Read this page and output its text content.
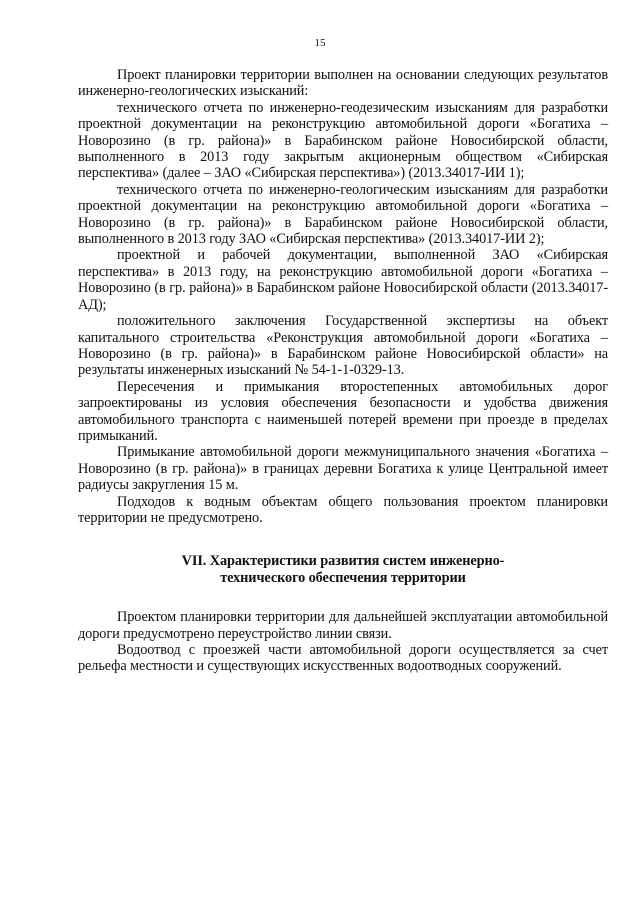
15

Проект планировки территории выполнен на основании следующих результатов инженерно-геологических изысканий:

технического отчета по инженерно-геодезическим изысканиям для разработки проектной документации на реконструкцию автомобильной дороги «Богатиха – Новорозино (в гр. района)» в Барабинском районе Новосибирской области, выполненного в 2013 году закрытым акционерным обществом «Сибирская перспектива» (далее – ЗАО «Сибирская перспектива») (2013.34017-ИИ 1);

технического отчета по инженерно-геологическим изысканиям для разработки проектной документации на реконструкцию автомобильной дороги «Богатиха – Новорозино (в гр. района)» в Барабинском районе Новосибирской области, выполненного в 2013 году ЗАО «Сибирская перспектива» (2013.34017-ИИ 2);

проектной и рабочей документации, выполненной ЗАО «Сибирская перспектива» в 2013 году, на реконструкцию автомобильной дороги «Богатиха – Новорозино (в гр. района)» в Барабинском районе Новосибирской области (2013.34017-АД);

положительного заключения Государственной экспертизы на объект капитального строительства «Реконструкция автомобильной дороги «Богатиха – Новорозино (в гр. района)» в Барабинском районе Новосибирской области» на результаты инженерных изысканий № 54-1-1-0329-13.

Пересечения и примыкания второстепенных автомобильных дорог запроектированы из условия обеспечения безопасности и удобства движения автомобильного транспорта с наименьшей потерей времени при проезде в пределах примыканий.

Примыкание автомобильной дороги межмуниципального значения «Богатиха – Новорозино (в гр. района)» в границах деревни Богатиха к улице Центральной имеет радиусы закругления 15 м.

Подходов к водным объектам общего пользования проектом планировки территории не предусмотрено.

VII. Характеристики развития систем инженерно-технического обеспечения территории

Проектом планировки территории для дальнейшей эксплуатации автомобильной дороги предусмотрено переустройство линии связи.

Водоотвод с проезжей части автомобильной дороги осуществляется за счет рельефа местности и существующих искусственных водоотводных сооружений.
